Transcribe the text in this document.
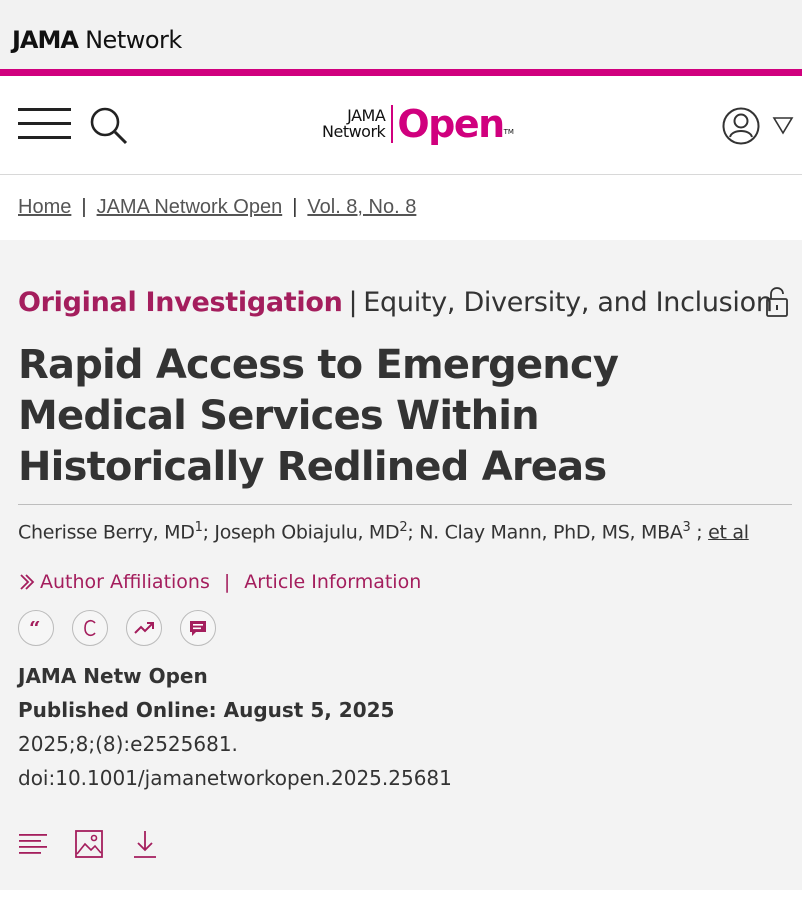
JAMA Network
JAMA
Network Open TM
Home | JAMA Network Open | Vol. 8, No. 8
Original Investigation | Equity, Diversity, and Inclusion
Rapid Access to Emergency Medical Services Within Historically Redlined Areas
Cherisse Berry, $MD^1$; Joseph Obiajulu, $MD^2$; N. Clay Mann, PhD, MS, MBA$^3$ ; et al
Author Affiliations | Article Information
“
JAMA Netw Open
Published Online: August 5, 2025
2025;8;(8):e2525681.
doi:10.1001/jamanetworkopen.2025.25681
